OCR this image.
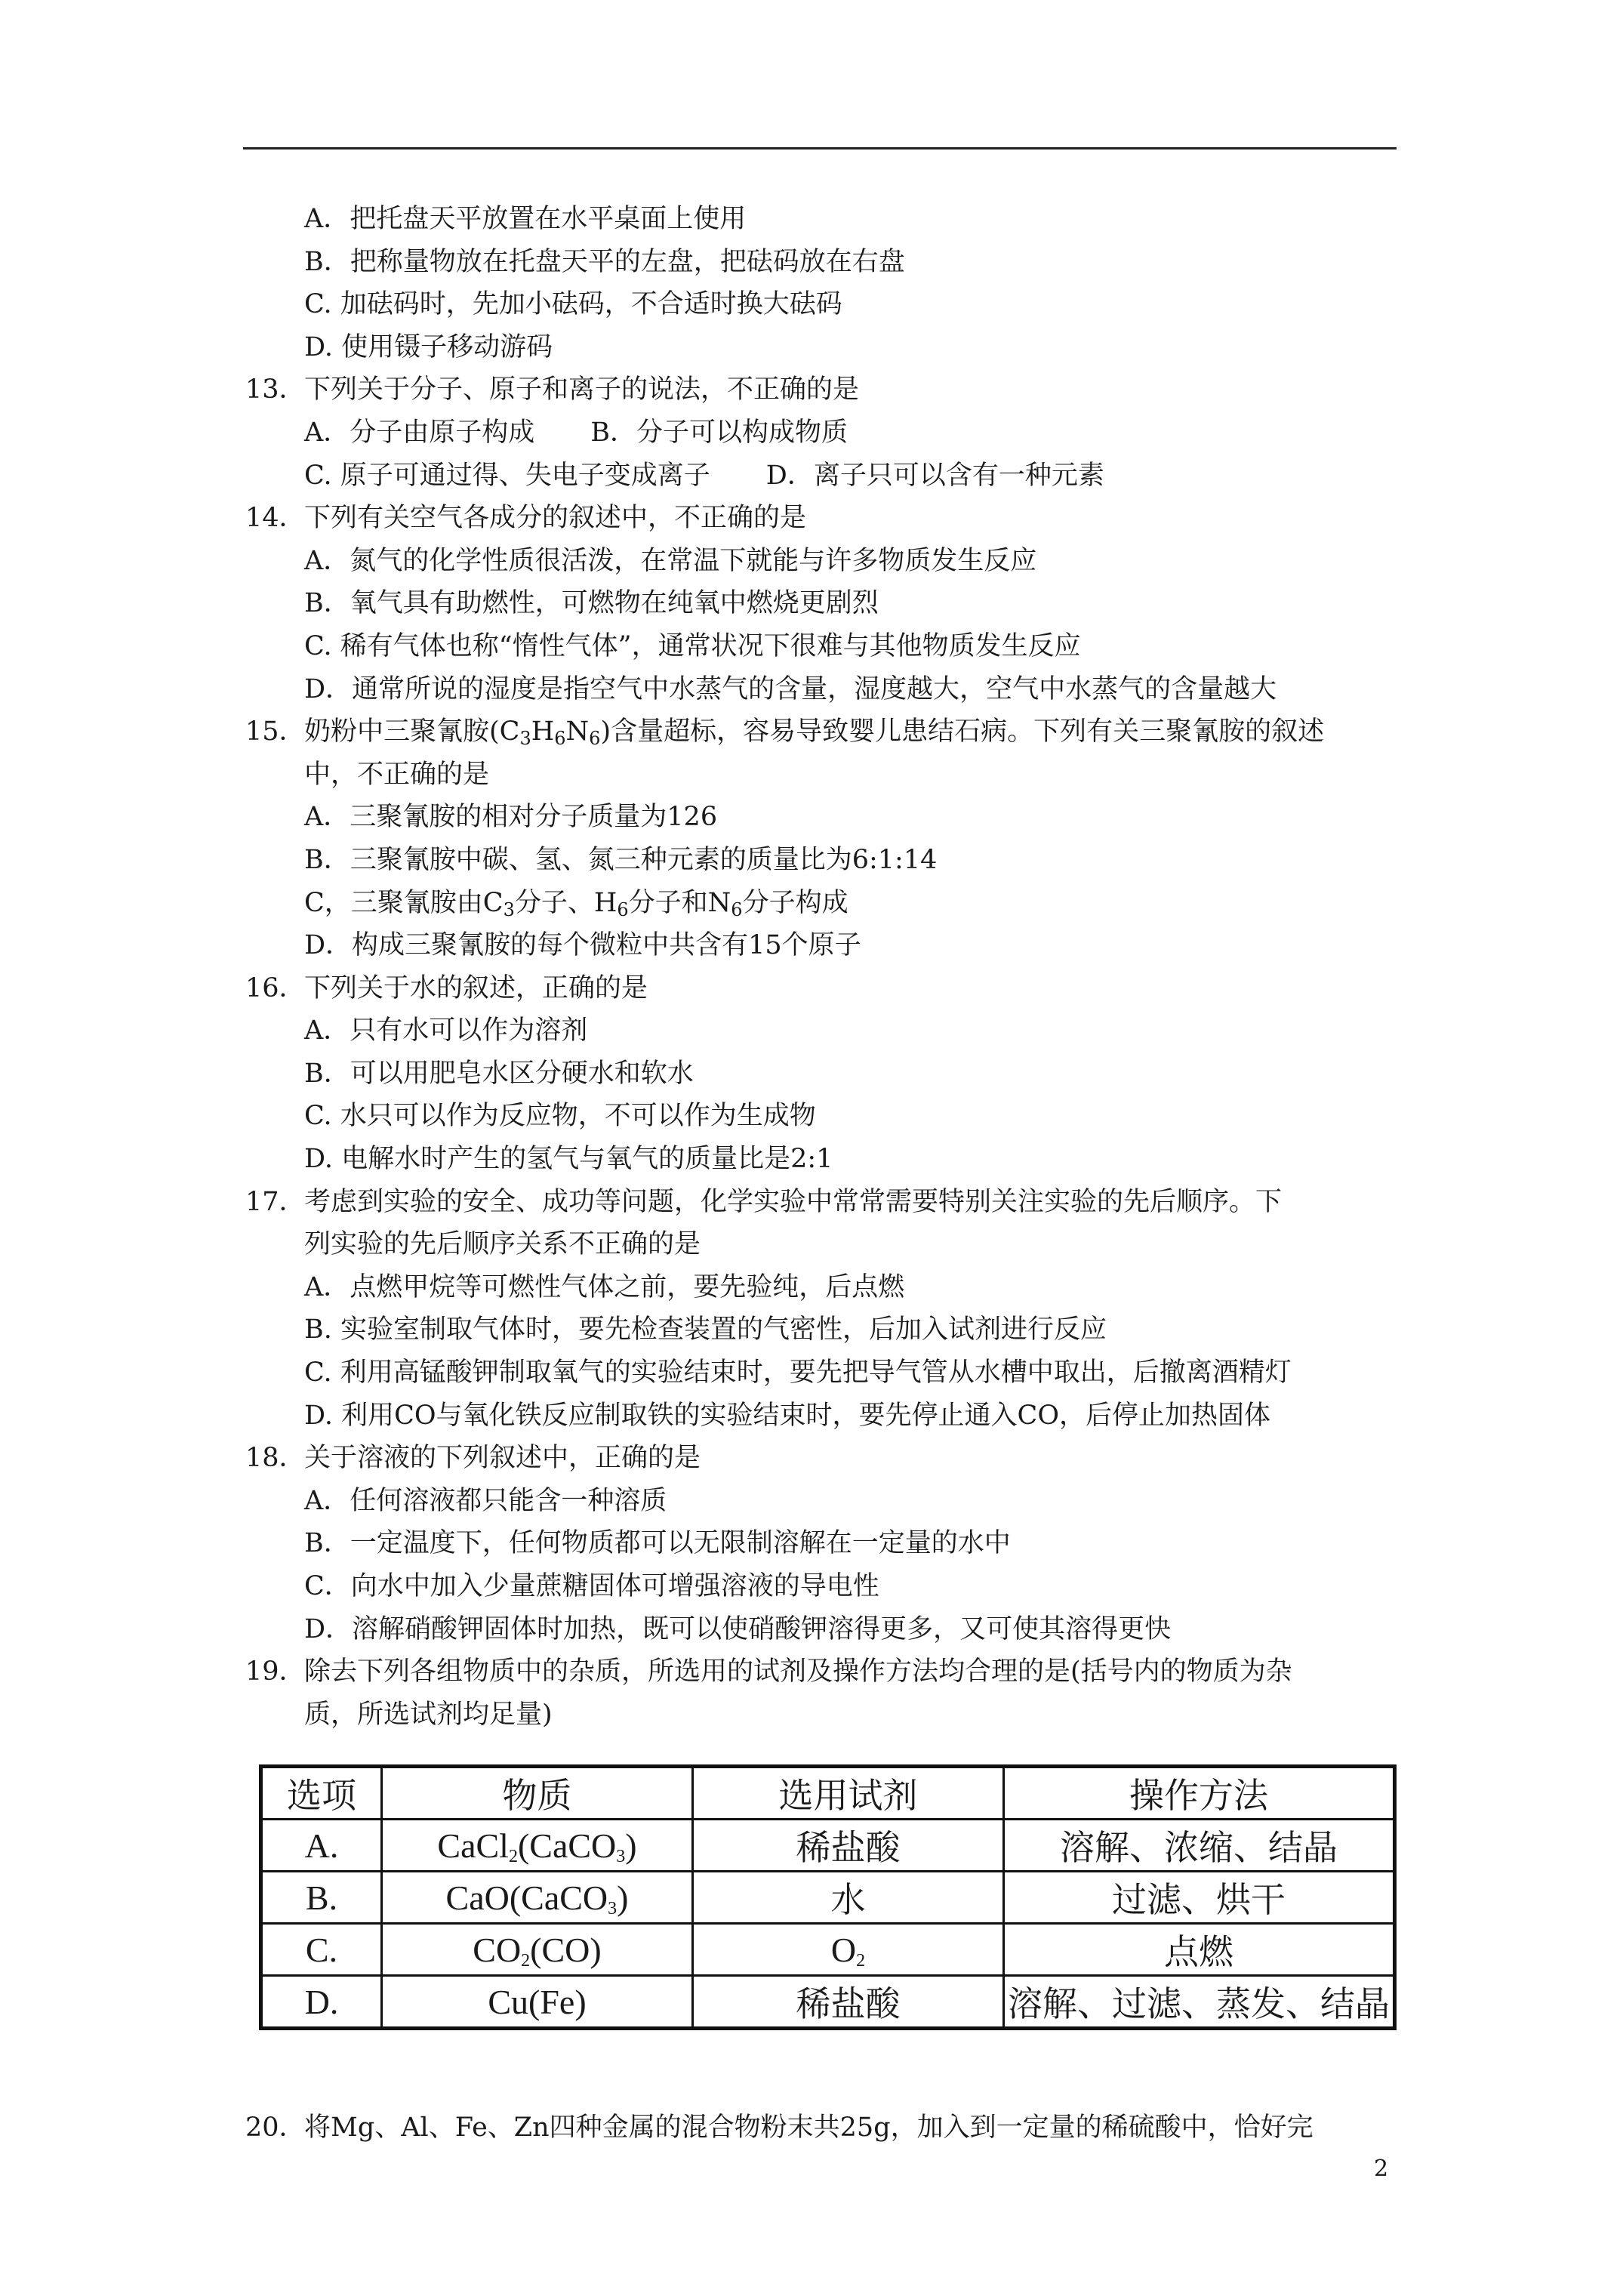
A．把托盘天平放置在水平桌面上使用
B．把称量物放在托盘天平的左盘，把砝码放在右盘
C. 加砝码时，先加小砝码，不合适时换大砝码
D. 使用镊子移动游码
13．下列关于分子、原子和离子的说法，不正确的是
A．分子由原子构成 B．分子可以构成物质
C. 原子可通过得、失电子变成离子 D．离子只可以含有一种元素
14．下列有关空气各成分的叙述中，不正确的是
A．氮气的化学性质很活泼，在常温下就能与许多物质发生反应
B．氧气具有助燃性，可燃物在纯氧中燃烧更剧烈
C. 稀有气体也称“惰性气体”，通常状况下很难与其他物质发生反应
D．通常所说的湿度是指空气中水蒸气的含量，湿度越大，空气中水蒸气的含量越大
15．奶粉中三聚氰胺$(C_3H_6N_6)$含量超标，容易导致婴儿患结石病。下列有关三聚氰胺的叙述
中，不正确的是
A．三聚氰胺的相对分子质量为126
B．三聚氰胺中碳、氢、氮三种元素的质量比为6:1:14
C，三聚氰胺由$C_3$分子、$H_6$分子和$N_6$分子构成
D．构成三聚氰胺的每个微粒中共含有15个原子
16．下列关于水的叙述，正确的是
A．只有水可以作为溶剂
B．可以用肥皂水区分硬水和软水
C. 水只可以作为反应物，不可以作为生成物
D. 电解水时产生的氢气与氧气的质量比是2:1
17．考虑到实验的安全、成功等问题，化学实验中常常需要特别关注实验的先后顺序。下
列实验的先后顺序关系不正确的是
A．点燃甲烷等可燃性气体之前，要先验纯，后点燃
B. 实验室制取气体时，要先检查装置的气密性，后加入试剂进行反应
C. 利用高锰酸钾制取氧气的实验结束时，要先把导气管从水槽中取出，后撤离酒精灯
D. 利用CO与氧化铁反应制取铁的实验结束时，要先停止通入CO，后停止加热固体
18．关于溶液的下列叙述中，正确的是
A．任何溶液都只能含一种溶质
B．一定温度下，任何物质都可以无限制溶解在一定量的水中
C．向水中加入少量蔗糖固体可增强溶液的导电性
D．溶解硝酸钾固体时加热，既可以使硝酸钾溶得更多，又可使其溶得更快
19．除去下列各组物质中的杂质，所选用的试剂及操作方法均合理的是(括号内的物质为杂
质，所选试剂均足量)
选项	物质	选用试剂	操作方法
A.	CaCl$_2$(CaCO$_3$)	稀盐酸	溶解、浓缩、结晶
B.	CaO(CaCO$_3$)	水	过滤、烘干
C.	$CO_2(CO)$	$O_2$	点燃
D.	Cu(Fe)	稀盐酸	溶解、过滤、蒸发、结晶
20．将Mg、Al、Fe、Zn四种金属的混合物粉末共25g，加入到一定量的稀硫酸中，恰好完
2
